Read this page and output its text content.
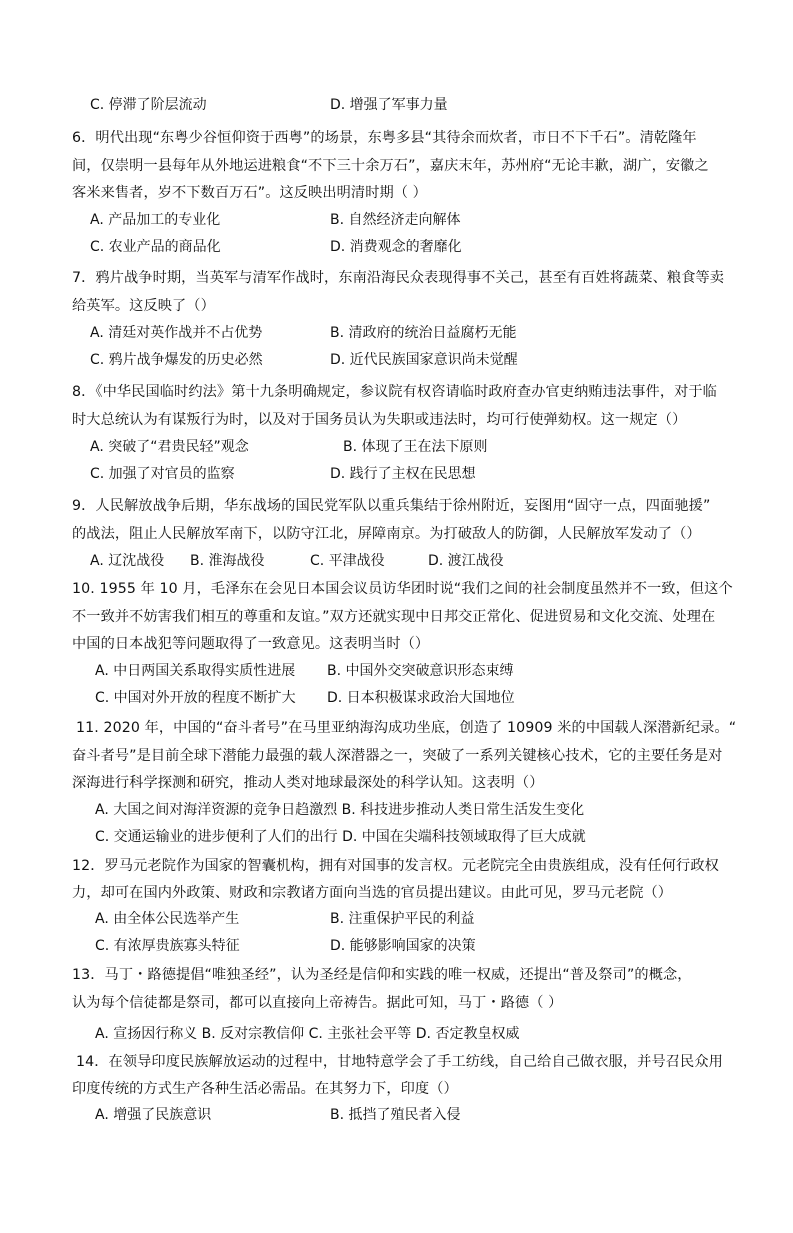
C. 停滞了阶层流动	D. 增强了军事力量
6．明代出现“东粤少谷恒仰资于西粤”的场景，东粤多县“其待余而炊者，市日不下千石”。清乾隆年
间，仅崇明一县每年从外地运进粮食“不下三十余万石”，嘉庆末年，苏州府“无论丰歉，湖广，安徽之
客米来售者，岁不下数百万石”。这反映出明清时期（ ）
A. 产品加工的专业化	B. 自然经济走向解体
C. 农业产品的商品化	D. 消费观念的奢靡化
7．鸦片战争时期，当英军与清军作战时，东南沿海民众表现得事不关己，甚至有百姓将蔬菜、粮食等卖
给英军。这反映了（）
A. 清廷对英作战并不占优势	B. 清政府的统治日益腐朽无能
C. 鸦片战争爆发的历史必然	D. 近代民族国家意识尚未觉醒
8．《中华民国临时约法》第十九条明确规定，参议院有权咨请临时政府查办官吏纳贿违法事件，对于临
时大总统认为有谋叛行为时，以及对于国务员认为失职或违法时，均可行使弹劾权。这一规定（）
A. 突破了“君贵民轻”观念	B. 体现了王在法下原则
C. 加强了对官员的监察	D. 践行了主权在民思想
9．人民解放战争后期，华东战场的国民党军队以重兵集结于徐州附近，妄图用“固守一点，四面驰援”
的战法，阻止人民解放军南下，以防守江北，屏障南京。为打破敌人的防御，人民解放军发动了（）
A. 辽沈战役 B. 淮海战役	C. 平津战役	D. 渡江战役
10. 1955 年 10 月，毛泽东在会见日本国会议员访华团时说“我们之间的社会制度虽然并不一致，但这个
不一致并不妨害我们相互的尊重和友谊。”双方还就实现中日邦交正常化、促进贸易和文化交流、处理在
中国的日本战犯等问题取得了一致意见。这表明当时（）
A. 中日两国关系取得实质性进展 B. 中国外交突破意识形态束缚
C. 中国对外开放的程度不断扩大 D. 日本积极谋求政治大国地位
11. 2020 年，中国的“奋斗者号”在马里亚纳海沟成功坐底，创造了 10909 米的中国载人深潜新纪录。“
奋斗者号”是目前全球下潜能力最强的载人深潜器之一，突破了一系列关键核心技术，它的主要任务是对
深海进行科学探测和研究，推动人类对地球最深处的科学认知。这表明（）
A. 大国之间对海洋资源的竞争日趋激烈 B. 科技进步推动人类日常生活发生变化
C. 交通运输业的进步便利了人们的出行 D. 中国在尖端科技领域取得了巨大成就
12．罗马元老院作为国家的智囊机构，拥有对国事的发言权。元老院完全由贵族组成，没有任何行政权
力，却可在国内外政策、财政和宗教诸方面向当选的官员提出建议。由此可见，罗马元老院（）
A. 由全体公民选举产生	B. 注重保护平民的利益
C. 有浓厚贵族寡头特征	D. 能够影响国家的决策
13．马丁・路德提倡“唯独圣经”，认为圣经是信仰和实践的唯一权威，还提出“普及祭司”的概念，
认为每个信徒都是祭司，都可以直接向上帝祷告。据此可知，马丁・路德（ ）
A. 宣扬因行称义 B. 反对宗教信仰 C. 主张社会平等 D. 否定教皇权威
14．在领导印度民族解放运动的过程中，甘地特意学会了手工纺线，自己给自己做衣服，并号召民众用
印度传统的方式生产各种生活必需品。在其努力下，印度（）
A. 增强了民族意识	B. 抵挡了殖民者入侵
